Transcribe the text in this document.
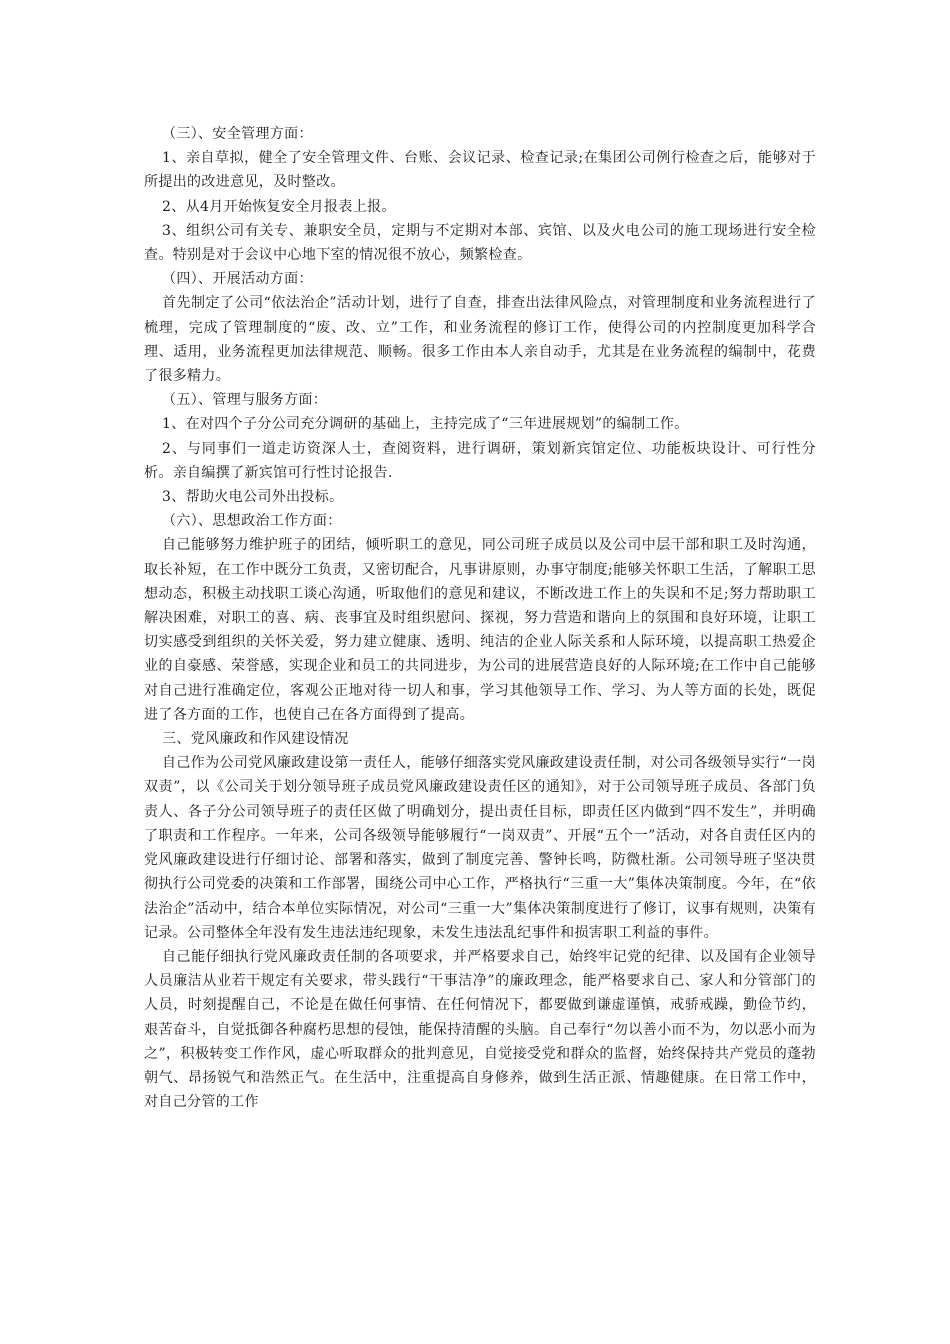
（三）、安全管理方面：

1、亲自草拟，健全了安全管理文件、台账、会议记录、检查记录;在集团公司例行检查之后，能够对于所提出的改进意见，及时整改。

2、从4月开始恢复安全月报表上报。

3、组织公司有关专、兼职安全员，定期与不定期对本部、宾馆、以及火电公司的施工现场进行安全检查。特别是对于会议中心地下室的情况很不放心，频繁检查。

（四）、开展活动方面：

首先制定了公司“依法治企”活动计划，进行了自查，排查出法律风险点，对管理制度和业务流程进行了梳理，完成了管理制度的“废、改、立”工作，和业务流程的修订工作，使得公司的内控制度更加科学合理、适用，业务流程更加法律规范、顺畅。很多工作由本人亲自动手，尤其是在业务流程的编制中，花费了很多精力。

（五）、管理与服务方面：

1、在对四个子分公司充分调研的基础上，主持完成了“三年进展规划”的编制工作。

2、与同事们一道走访资深人士，查阅资料，进行调研，策划新宾馆定位、功能板块设计、可行性分析。亲自编撰了新宾馆可行性讨论报告.

3、帮助火电公司外出投标。

（六）、思想政治工作方面：

自己能够努力维护班子的团结，倾听职工的意见，同公司班子成员以及公司中层干部和职工及时沟通，取长补短，在工作中既分工负责，又密切配合，凡事讲原则，办事守制度;能够关怀职工生活，了解职工思想动态，积极主动找职工谈心沟通，听取他们的意见和建议，不断改进工作上的失误和不足;努力帮助职工解决困难，对职工的喜、病、丧事宜及时组织慰问、探视，努力营造和谐向上的氛围和良好环境，让职工切实感受到组织的关怀关爱，努力建立健康、透明、纯洁的企业人际关系和人际环境，以提高职工热爱企业的自豪感、荣誉感，实现企业和员工的共同进步，为公司的进展营造良好的人际环境;在工作中自己能够对自己进行准确定位，客观公正地对待一切人和事，学习其他领导工作、学习、为人等方面的长处，既促进了各方面的工作，也使自己在各方面得到了提高。

三、党风廉政和作风建设情况

自己作为公司党风廉政建设第一责任人，能够仔细落实党风廉政建设责任制，对公司各级领导实行“一岗双责”，以《公司关于划分领导班子成员党风廉政建设责任区的通知》，对于公司领导班子成员、各部门负责人、各子分公司领导班子的责任区做了明确划分，提出责任目标，即责任区内做到“四不发生”，并明确了职责和工作程序。一年来，公司各级领导能够履行“一岗双责”、开展“五个一”活动，对各自责任区内的党风廉政建设进行仔细讨论、部署和落实，做到了制度完善、警钟长鸣，防微杜渐。公司领导班子坚决贯彻执行公司党委的决策和工作部署，围绕公司中心工作，严格执行“三重一大”集体决策制度。今年，在“依法治企”活动中，结合本单位实际情况，对公司“三重一大”集体决策制度进行了修订，议事有规则，决策有记录。公司整体全年没有发生违法违纪现象，未发生违法乱纪事件和损害职工利益的事件。

自己能仔细执行党风廉政责任制的各项要求，并严格要求自己，始终牢记党的纪律、以及国有企业领导人员廉洁从业若干规定有关要求，带头践行“干事洁净”的廉政理念，能严格要求自己、家人和分管部门的人员，时刻提醒自己，不论是在做任何事情、在任何情况下，都要做到谦虚谨慎，戒骄戒躁，勤俭节约，艰苦奋斗，自觉抵御各种腐朽思想的侵蚀，能保持清醒的头脑。自己奉行“勿以善小而不为，勿以恶小而为之”，积极转变工作作风，虚心听取群众的批判意见，自觉接受党和群众的监督，始终保持共产党员的蓬勃朝气、昂扬锐气和浩然正气。在生活中，注重提高自身修养，做到生活正派、情趣健康。在日常工作中，对自己分管的工作
